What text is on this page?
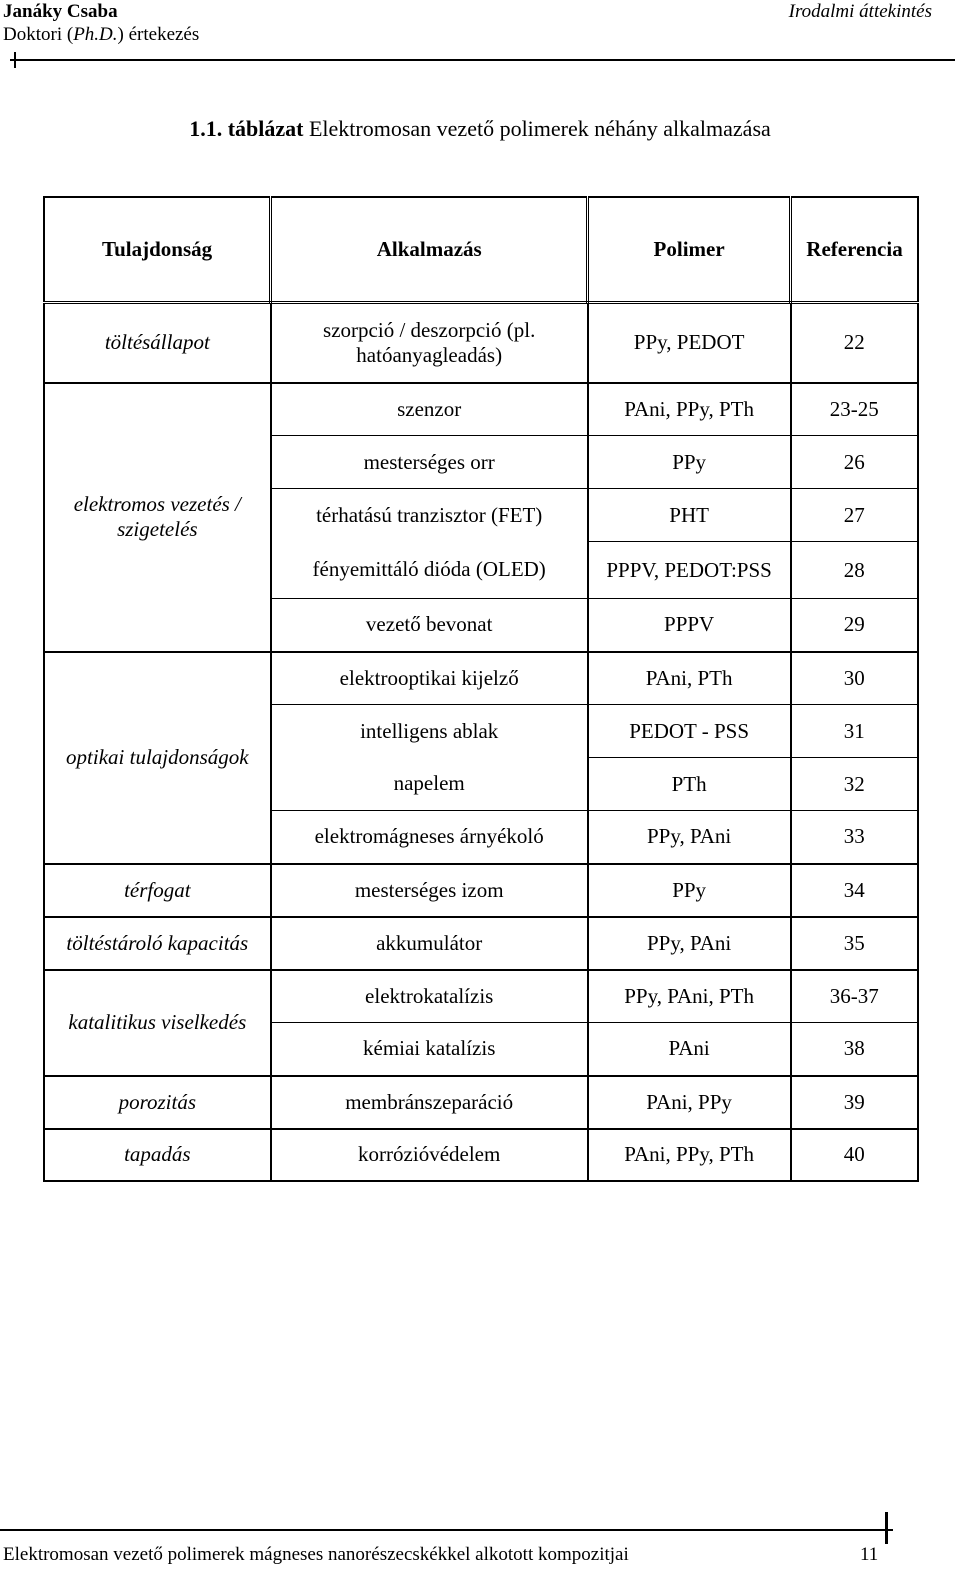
Janáky Csaba
Doktori (Ph.D.) értekezés
Irodalmi áttekintés
1.1. táblázat Elektromosan vezető polimerek néhány alkalmazása
Tulajdonság	Alkalmazás	Polimer	Referencia
töltésállapot	szorpció / deszorpció (pl. hatóanyagleadás)	PPy, PEDOT	22
elektromos vezetés / szigetelés	szenzor	PAni, PPy, PTh	23-25
	mesterséges orr	PPy	26
	térhatású tranzisztor (FET)	PHT	27
	fényemittáló dióda (OLED)	PPPV, PEDOT:PSS	28
	vezető bevonat	PPPV	29
optikai tulajdonságok	elektrooptikai kijelző	PAni, PTh	30
	intelligens ablak	PEDOT - PSS	31
	napelem	PTh	32
	elektromágneses árnyékoló	PPy, PAni	33
térfogat	mesterséges izom	PPy	34
töltéstároló kapacitás	akkumulátor	PPy, PAni	35
katalitikus viselkedés	elektrokatalízis	PPy, PAni, PTh	36-37
	kémiai katalízis	PAni	38
porozitás	membránszeparáció	PAni, PPy	39
tapadás	korrózióvédelem	PAni, PPy, PTh	40
Elektromosan vezető polimerek mágneses nanorészecskékkel alkotott kompozitjai	11
